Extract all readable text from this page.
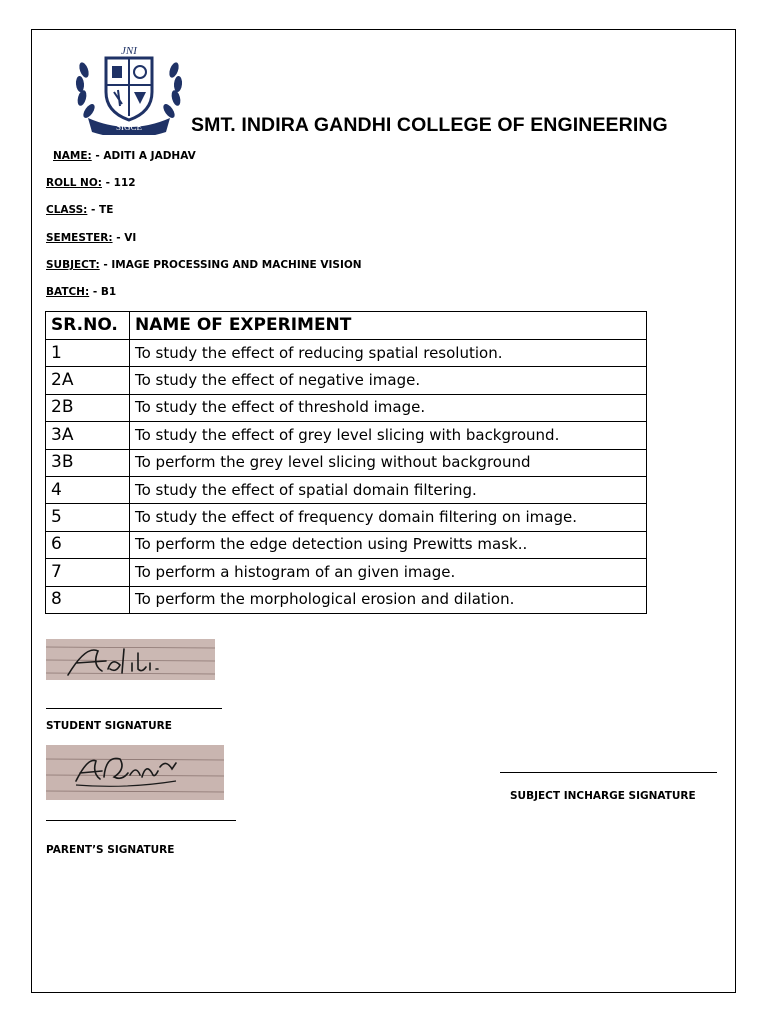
JNI
SIGCE	SMT. INDIRA GANDHI COLLEGE OF ENGINEERING
NAME: - ADITI A JADHAV
ROLL NO: - 112
CLASS: - TE
SEMESTER: - VI
SUBJECT: - IMAGE PROCESSING AND MACHINE VISION
BATCH: - B1
SR.NO.	NAME OF EXPERIMENT
1	To study the effect of reducing spatial resolution.
2A	To study the effect of negative image.
2B	To study the effect of threshold image.
3A	To study the effect of grey level slicing with background.
3B	To perform the grey level slicing without background
4	To study the effect of spatial domain filtering.
5	To study the effect of frequency domain filtering on image.
6	To perform the edge detection using Prewitts mask..
7	To perform a histogram of an given image.
8	To perform the morphological erosion and dilation.
STUDENT SIGNATURE
PARENT’S SIGNATURE
SUBJECT INCHARGE SIGNATURE
